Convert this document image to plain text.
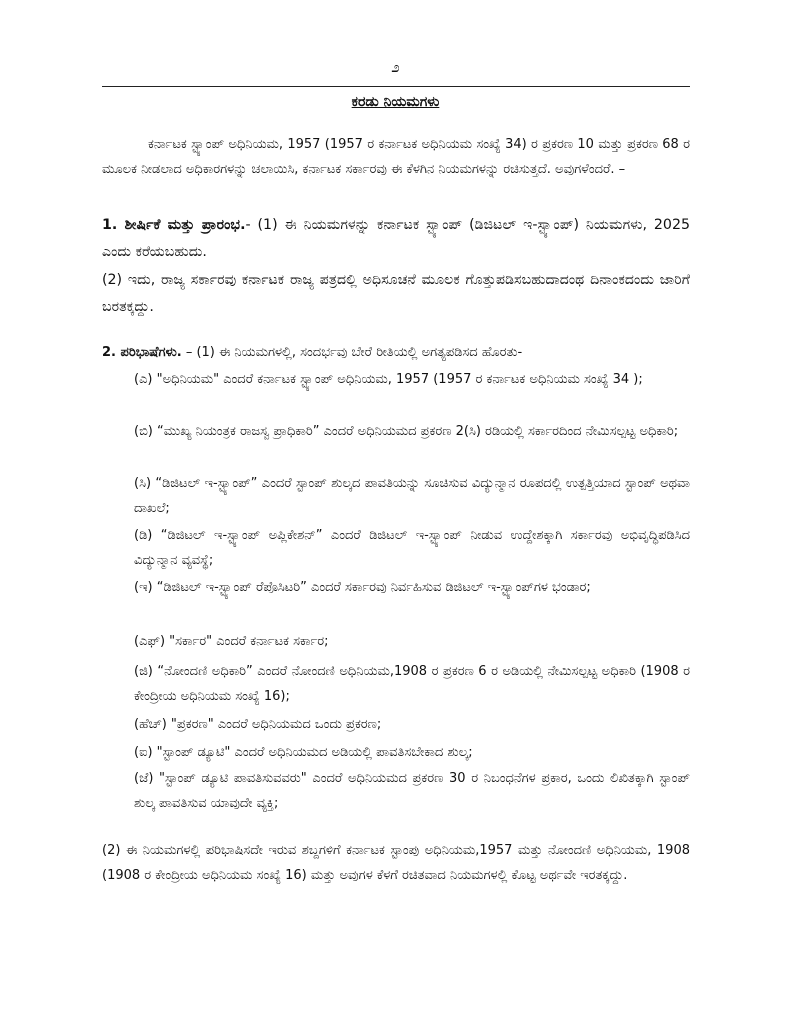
೨
ಕರಡು ನಿಯಮಗಳು

ಕರ್ನಾಟಕ ಸ್ಟ್ಯಾಂಪ್ ಅಧಿನಿಯಮ, 1957 (1957 ರ ಕರ್ನಾಟಕ ಅಧಿನಿಯಮ ಸಂಖ್ಯೆ 34) ರ ಪ್ರಕರಣ 10 ಮತ್ತು ಪ್ರಕರಣ 68 ರ ಮೂಲಕ ನೀಡಲಾದ ಅಧಿಕಾರಗಳನ್ನು ಚಲಾಯಿಸಿ, ಕರ್ನಾಟಕ ಸರ್ಕಾರವು ಈ ಕೆಳಗಿನ ನಿಯಮಗಳನ್ನು ರಚಿಸುತ್ತದೆ. ಅವುಗಳೆಂದರೆ. –

1. ಶೀರ್ಷಿಕೆ ಮತ್ತು ಪ್ರಾರಂಭ.- (1) ಈ ನಿಯಮಗಳನ್ನು ಕರ್ನಾಟಕ ಸ್ಟ್ಯಾಂಪ್ (ಡಿಜಿಟಲ್ ಇ-ಸ್ಟ್ಯಾಂಪ್) ನಿಯಮಗಳು, 2025 ಎಂದು ಕರೆಯಬಹುದು.

(2) ಇದು, ರಾಜ್ಯ ಸರ್ಕಾರವು ಕರ್ನಾಟಕ ರಾಜ್ಯ ಪತ್ರದಲ್ಲಿ ಅಧಿಸೂಚನೆ ಮೂಲಕ ಗೊತ್ತುಪಡಿಸಬಹುದಾದಂಥ ದಿನಾಂಕದಂದು ಜಾರಿಗೆ ಬರತಕ್ಕದ್ದು.

2. ಪರಿಭಾಷೆಗಳು. – (1) ಈ ನಿಯಮಗಳಲ್ಲಿ, ಸಂದರ್ಭವು ಬೇರೆ ರೀತಿಯಲ್ಲಿ ಅಗತ್ಯಪಡಿಸದ ಹೊರತು-

(ಎ) "ಅಧಿನಿಯಮ" ಎಂದರೆ ಕರ್ನಾಟಕ ಸ್ಟ್ಯಾಂಪ್ ಅಧಿನಿಯಮ, 1957 (1957 ರ ಕರ್ನಾಟಕ ಅಧಿನಿಯಮ ಸಂಖ್ಯೆ 34 );

(ಬಿ) “ಮುಖ್ಯ ನಿಯಂತ್ರಕ ರಾಜಸ್ವ ಪ್ರಾಧಿಕಾರಿ” ಎಂದರೆ ಅಧಿನಿಯಮದ ಪ್ರಕರಣ 2(ಸಿ) ರಡಿಯಲ್ಲಿ ಸರ್ಕಾರದಿಂದ ನೇಮಿಸಲ್ಪಟ್ಟ ಅಧಿಕಾರಿ;

(ಸಿ) “ಡಿಜಿಟಲ್ ಇ-ಸ್ಟ್ಯಾಂಪ್” ಎಂದರೆ ಸ್ಟಾಂಪ್ ಶುಲ್ಕದ ಪಾವತಿಯನ್ನು ಸೂಚಿಸುವ ವಿದ್ಯುನ್ಮಾನ ರೂಪದಲ್ಲಿ ಉತ್ಪತ್ತಿಯಾದ ಸ್ಟಾಂಪ್ ಅಥವಾ ದಾಖಲೆ;

(ಡಿ) “ಡಿಜಿಟಲ್ ಇ-ಸ್ಟ್ಯಾಂಪ್ ಅಪ್ಲಿಕೇಶನ್” ಎಂದರೆ ಡಿಜಿಟಲ್ ಇ-ಸ್ಟ್ಯಾಂಪ್ ನೀಡುವ ಉದ್ದೇಶಕ್ಕಾಗಿ ಸರ್ಕಾರವು ಅಭಿವೃದ್ಧಿಪಡಿಸಿದ ವಿದ್ಯುನ್ಮಾನ ವ್ಯವಸ್ಥೆ;

(ಇ) “ಡಿಜಿಟಲ್ ಇ-ಸ್ಟ್ಯಾಂಪ್ ರೆಪೊಸಿಟರಿ” ಎಂದರೆ ಸರ್ಕಾರವು ನಿರ್ವಹಿಸುವ ಡಿಜಿಟಲ್ ಇ-ಸ್ಟ್ಯಾಂಪ್‌ಗಳ ಭಂಡಾರ;

(ಎಫ್) "ಸರ್ಕಾರ" ಎಂದರೆ ಕರ್ನಾಟಕ ಸರ್ಕಾರ;

(ಜಿ) “ನೋಂದಣಿ ಅಧಿಕಾರಿ” ಎಂದರೆ ನೋಂದಣಿ ಅಧಿನಿಯಮ,1908 ರ ಪ್ರಕರಣ 6 ರ ಅಡಿಯಲ್ಲಿ ನೇಮಿಸಲ್ಪಟ್ಟ ಅಧಿಕಾರಿ (1908 ರ ಕೇಂದ್ರೀಯ ಅಧಿನಿಯಮ ಸಂಖ್ಯೆ 16);

(ಹೆಚ್) "ಪ್ರಕರಣ" ಎಂದರೆ ಅಧಿನಿಯಮದ ಒಂದು ಪ್ರಕರಣ;

(ಐ) "ಸ್ಟಾಂಪ್ ಡ್ಯೂಟಿ" ಎಂದರೆ ಅಧಿನಿಯಮದ ಅಡಿಯಲ್ಲಿ ಪಾವತಿಸಬೇಕಾದ ಶುಲ್ಕ;

(ಜೆ) "ಸ್ಟಾಂಪ್ ಡ್ಯೂಟಿ ಪಾವತಿಸುವವರು" ಎಂದರೆ ಅಧಿನಿಯಮದ ಪ್ರಕರಣ 30 ರ ನಿಬಂಧನೆಗಳ ಪ್ರಕಾರ, ಒಂದು ಲಿಖಿತಕ್ಕಾಗಿ ಸ್ಟಾಂಪ್ ಶುಲ್ಕ ಪಾವತಿಸುವ ಯಾವುದೇ ವ್ಯಕ್ತಿ;

(2) ಈ ನಿಯಮಗಳಲ್ಲಿ ಪರಿಭಾಷಿಸದೇ ಇರುವ ಶಬ್ದಗಳಿಗೆ ಕರ್ನಾಟಕ ಸ್ಟಾಂಪು ಅಧಿನಿಯಮ,1957 ಮತ್ತು ನೋಂದಣಿ ಅಧಿನಿಯಮ, 1908 (1908 ರ ಕೇಂದ್ರೀಯ ಅಧಿನಿಯಮ ಸಂಖ್ಯೆ 16) ಮತ್ತು ಅವುಗಳ ಕೆಳಗೆ ರಚಿತವಾದ ನಿಯಮಗಳಲ್ಲಿ ಕೊಟ್ಟ ಅರ್ಥವೇ ಇರತಕ್ಕದ್ದು.
